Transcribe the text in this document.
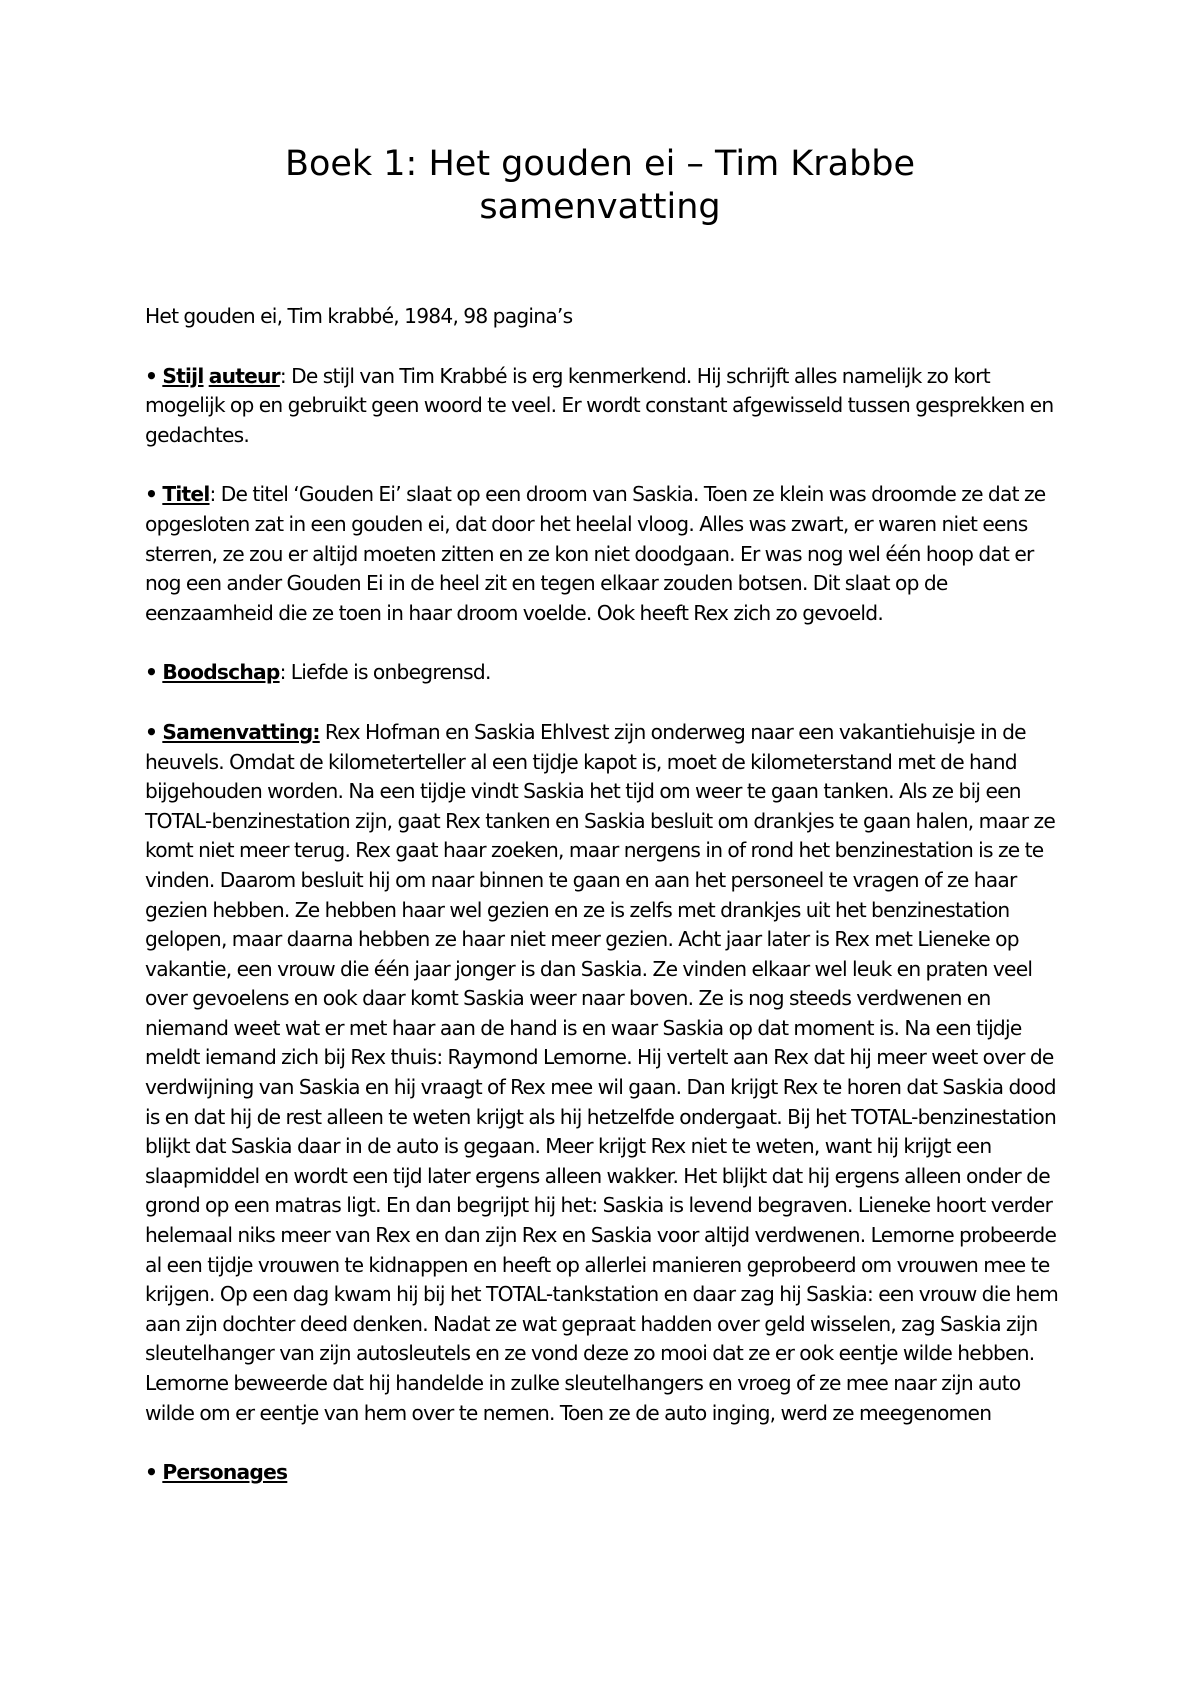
Boek 1: Het gouden ei – Tim Krabbe
samenvatting

Het gouden ei, Tim krabbé, 1984, 98 pagina’s

• Stijl auteur: De stijl van Tim Krabbé is erg kenmerkend. Hij schrijft alles namelijk zo kort mogelijk op en gebruikt geen woord te veel. Er wordt constant afgewisseld tussen gesprekken en gedachtes.

• Titel: De titel ‘Gouden Ei’ slaat op een droom van Saskia. Toen ze klein was droomde ze dat ze opgesloten zat in een gouden ei, dat door het heelal vloog. Alles was zwart, er waren niet eens sterren, ze zou er altijd moeten zitten en ze kon niet doodgaan. Er was nog wel één hoop dat er nog een ander Gouden Ei in de heel zit en tegen elkaar zouden botsen. Dit slaat op de eenzaamheid die ze toen in haar droom voelde. Ook heeft Rex zich zo gevoeld.

• Boodschap: Liefde is onbegrensd.

• Samenvatting: Rex Hofman en Saskia Ehlvest zijn onderweg naar een vakantiehuisje in de heuvels. Omdat de kilometerteller al een tijdje kapot is, moet de kilometerstand met de hand bijgehouden worden. Na een tijdje vindt Saskia het tijd om weer te gaan tanken. Als ze bij een TOTAL-benzinestation zijn, gaat Rex tanken en Saskia besluit om drankjes te gaan halen, maar ze komt niet meer terug. Rex gaat haar zoeken, maar nergens in of rond het benzinestation is ze te vinden. Daarom besluit hij om naar binnen te gaan en aan het personeel te vragen of ze haar gezien hebben. Ze hebben haar wel gezien en ze is zelfs met drankjes uit het benzinestation gelopen, maar daarna hebben ze haar niet meer gezien. Acht jaar later is Rex met Lieneke op vakantie, een vrouw die één jaar jonger is dan Saskia. Ze vinden elkaar wel leuk en praten veel over gevoelens en ook daar komt Saskia weer naar boven. Ze is nog steeds verdwenen en niemand weet wat er met haar aan de hand is en waar Saskia op dat moment is. Na een tijdje meldt iemand zich bij Rex thuis: Raymond Lemorne. Hij vertelt aan Rex dat hij meer weet over de verdwijning van Saskia en hij vraagt of Rex mee wil gaan. Dan krijgt Rex te horen dat Saskia dood is en dat hij de rest alleen te weten krijgt als hij hetzelfde ondergaat. Bij het TOTAL-benzinestation blijkt dat Saskia daar in de auto is gegaan. Meer krijgt Rex niet te weten, want hij krijgt een slaapmiddel en wordt een tijd later ergens alleen wakker. Het blijkt dat hij ergens alleen onder de grond op een matras ligt. En dan begrijpt hij het: Saskia is levend begraven. Lieneke hoort verder helemaal niks meer van Rex en dan zijn Rex en Saskia voor altijd verdwenen. Lemorne probeerde al een tijdje vrouwen te kidnappen en heeft op allerlei manieren geprobeerd om vrouwen mee te krijgen. Op een dag kwam hij bij het TOTAL-tankstation en daar zag hij Saskia: een vrouw die hem aan zijn dochter deed denken. Nadat ze wat gepraat hadden over geld wisselen, zag Saskia zijn sleutelhanger van zijn autosleutels en ze vond deze zo mooi dat ze er ook eentje wilde hebben. Lemorne beweerde dat hij handelde in zulke sleutelhangers en vroeg of ze mee naar zijn auto wilde om er eentje van hem over te nemen. Toen ze de auto inging, werd ze meegenomen

• Personages
